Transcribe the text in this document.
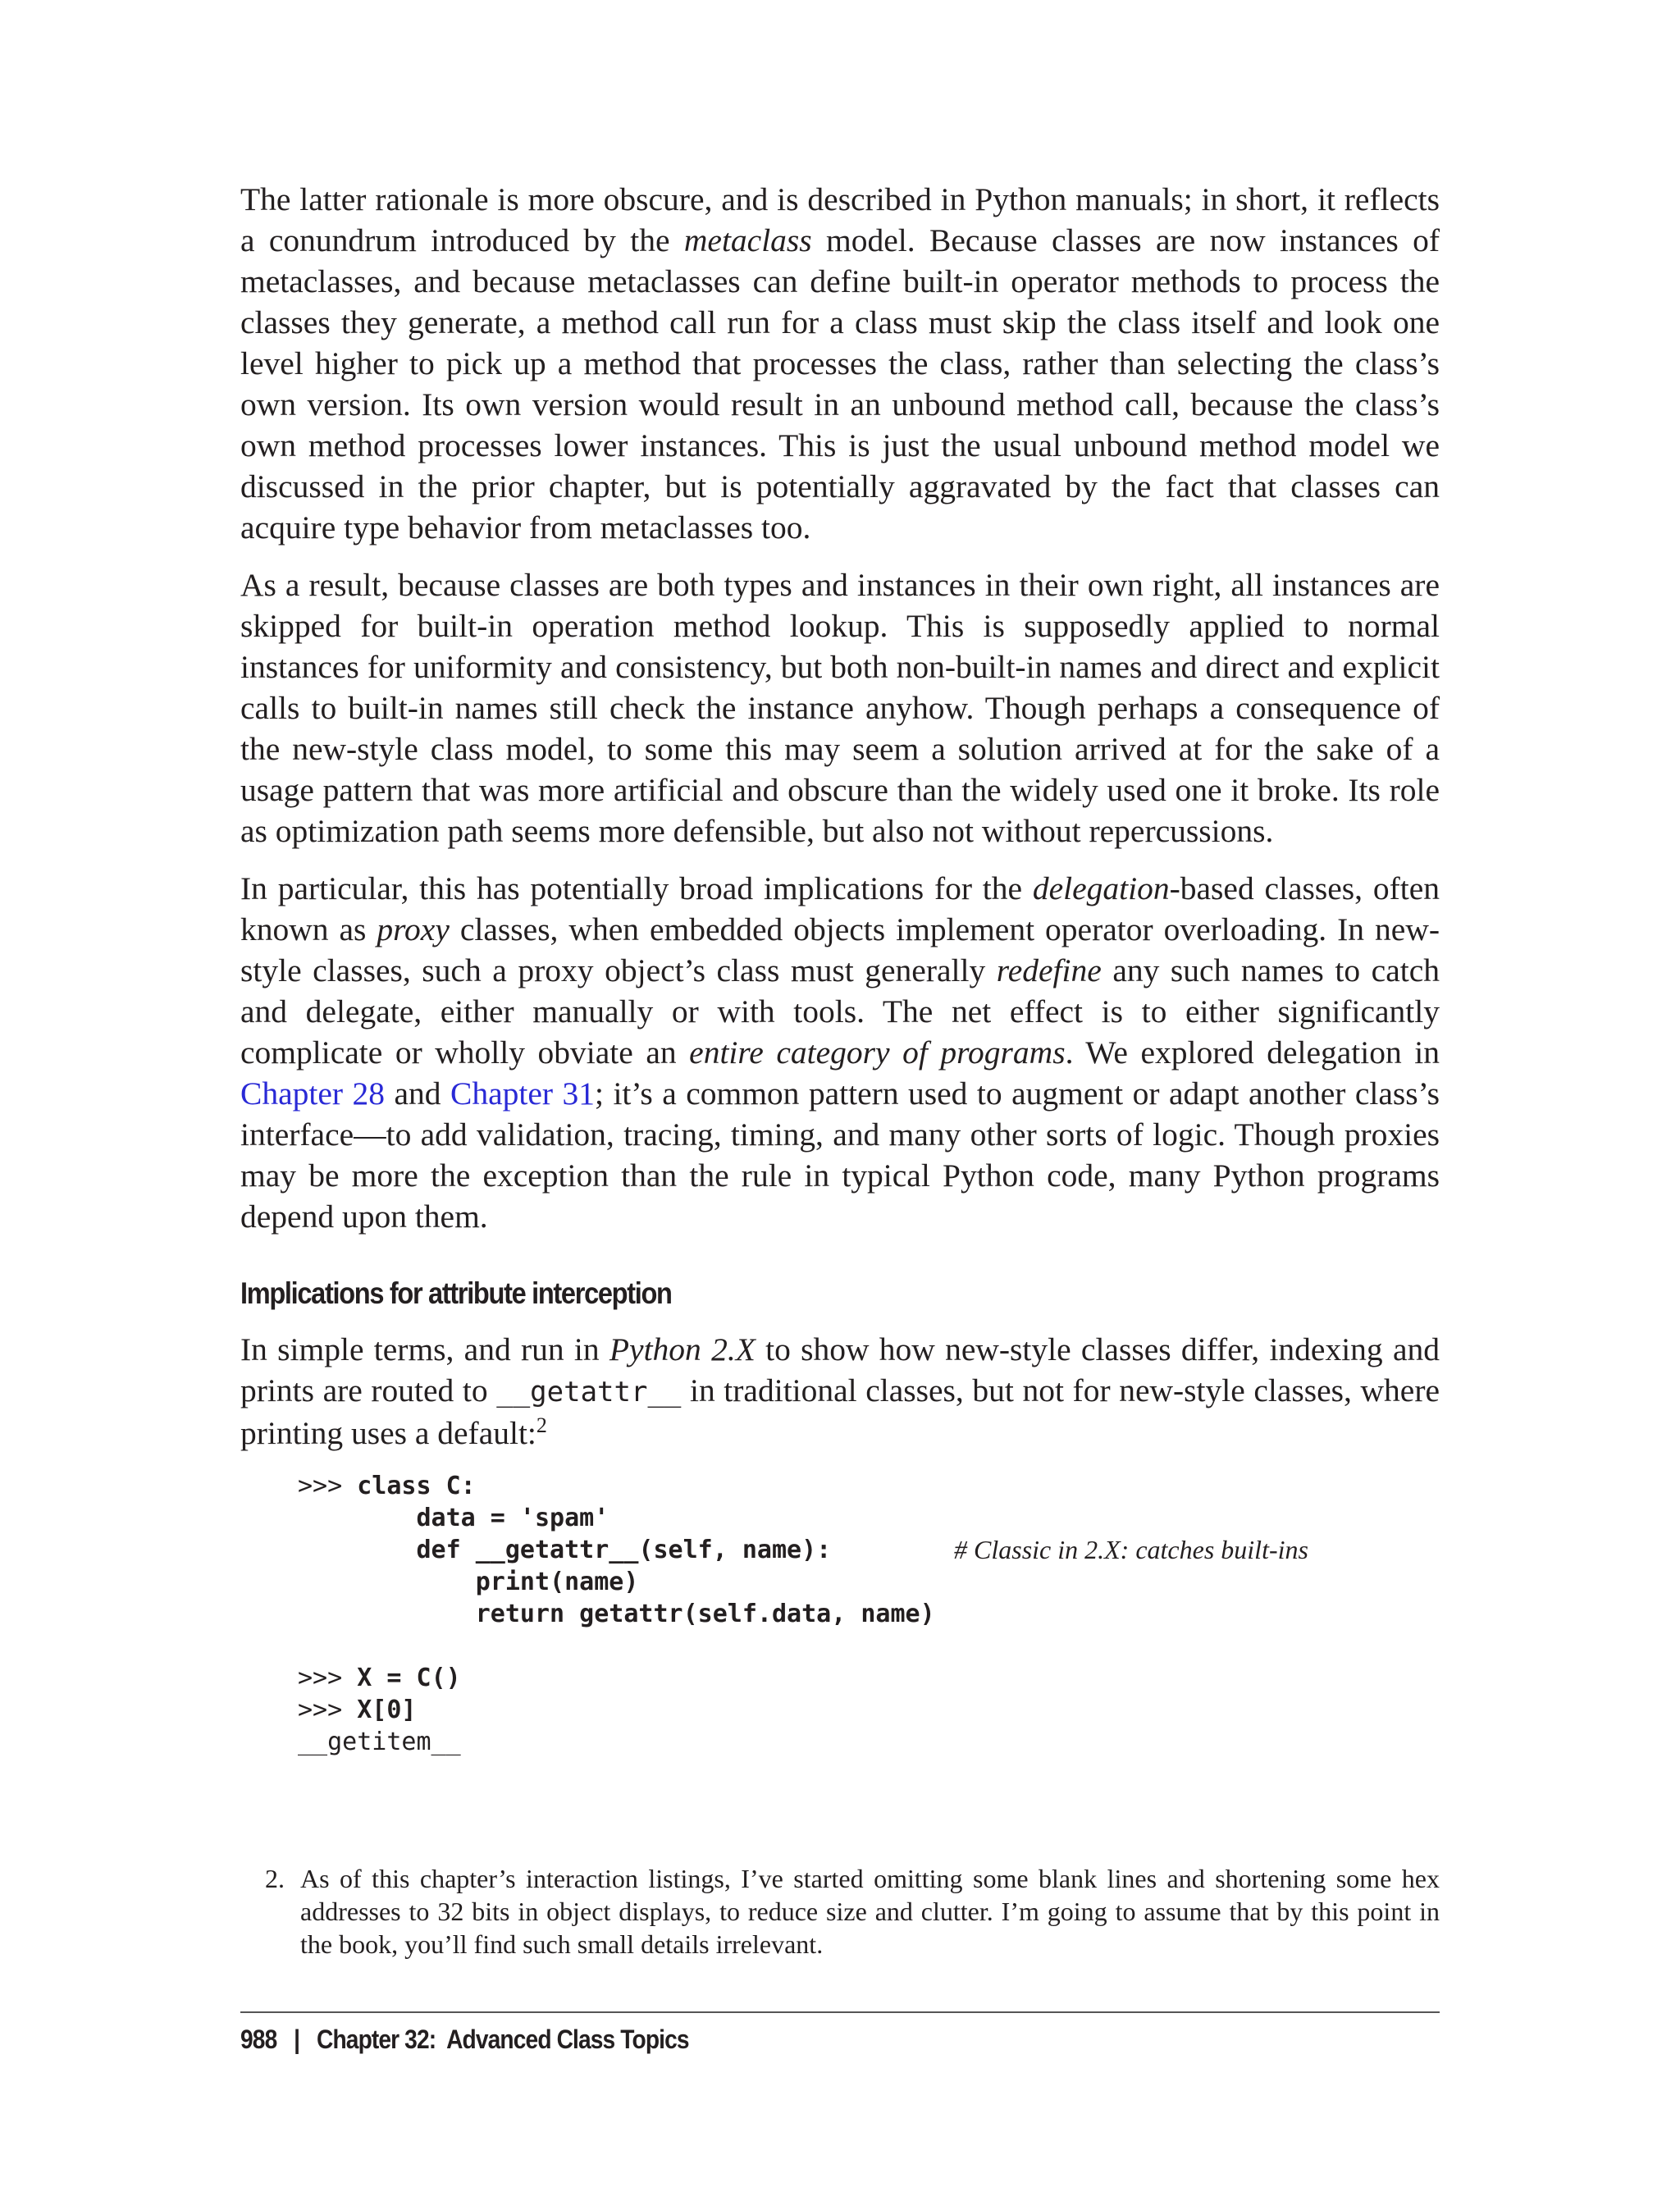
The latter rationale is more obscure, and is described in Python manuals; in short, it reflects a conundrum introduced by the metaclass model. Because classes are now instances of metaclasses, and because metaclasses can define built-in operator methods to process the classes they generate, a method call run for a class must skip the class itself and look one level higher to pick up a method that processes the class, rather than selecting the class’s own version. Its own version would result in an unbound method call, because the class’s own method processes lower instances. This is just the usual unbound method model we discussed in the prior chapter, but is potentially aggravated by the fact that classes can acquire type behavior from metaclasses too.

As a result, because classes are both types and instances in their own right, all instances are skipped for built-in operation method lookup. This is supposedly applied to normal instances for uniformity and consistency, but both non-built-in names and direct and explicit calls to built-in names still check the instance anyhow. Though perhaps a consequence of the new-style class model, to some this may seem a solution arrived at for the sake of a usage pattern that was more artificial and obscure than the widely used one it broke. Its role as optimization path seems more defensible, but also not without repercussions.

In particular, this has potentially broad implications for the delegation-based classes, often known as proxy classes, when embedded objects implement operator overloading. In new-style classes, such a proxy object’s class must generally redefine any such names to catch and delegate, either manually or with tools. The net effect is to either significantly complicate or wholly obviate an entire category of programs. We explored delegation in Chapter 28 and Chapter 31; it’s a common pattern used to augment or adapt another class’s interface—to add validation, tracing, timing, and many other sorts of logic. Though proxies may be more the exception than the rule in typical Python code, many Python programs depend upon them.

Implications for attribute interception

In simple terms, and run in Python 2.X to show how new-style classes differ, indexing and prints are routed to __getattr__ in traditional classes, but not for new-style classes, where printing uses a default:$^2$

>>> class C:
data = 'spam'
def __getattr__(self, name):	# Classic in 2.X: catches built-ins
print(name)
return getattr(self.data, name)
>>> X = C()
>>> X[0]
__getitem__
2. As of this chapter’s interaction listings, I’ve started omitting some blank lines and shortening some hex addresses to 32 bits in object displays, to reduce size and clutter. I’m going to assume that by this point in the book, you’ll find such small details irrelevant.
988 | Chapter 32:  Advanced Class Topics
